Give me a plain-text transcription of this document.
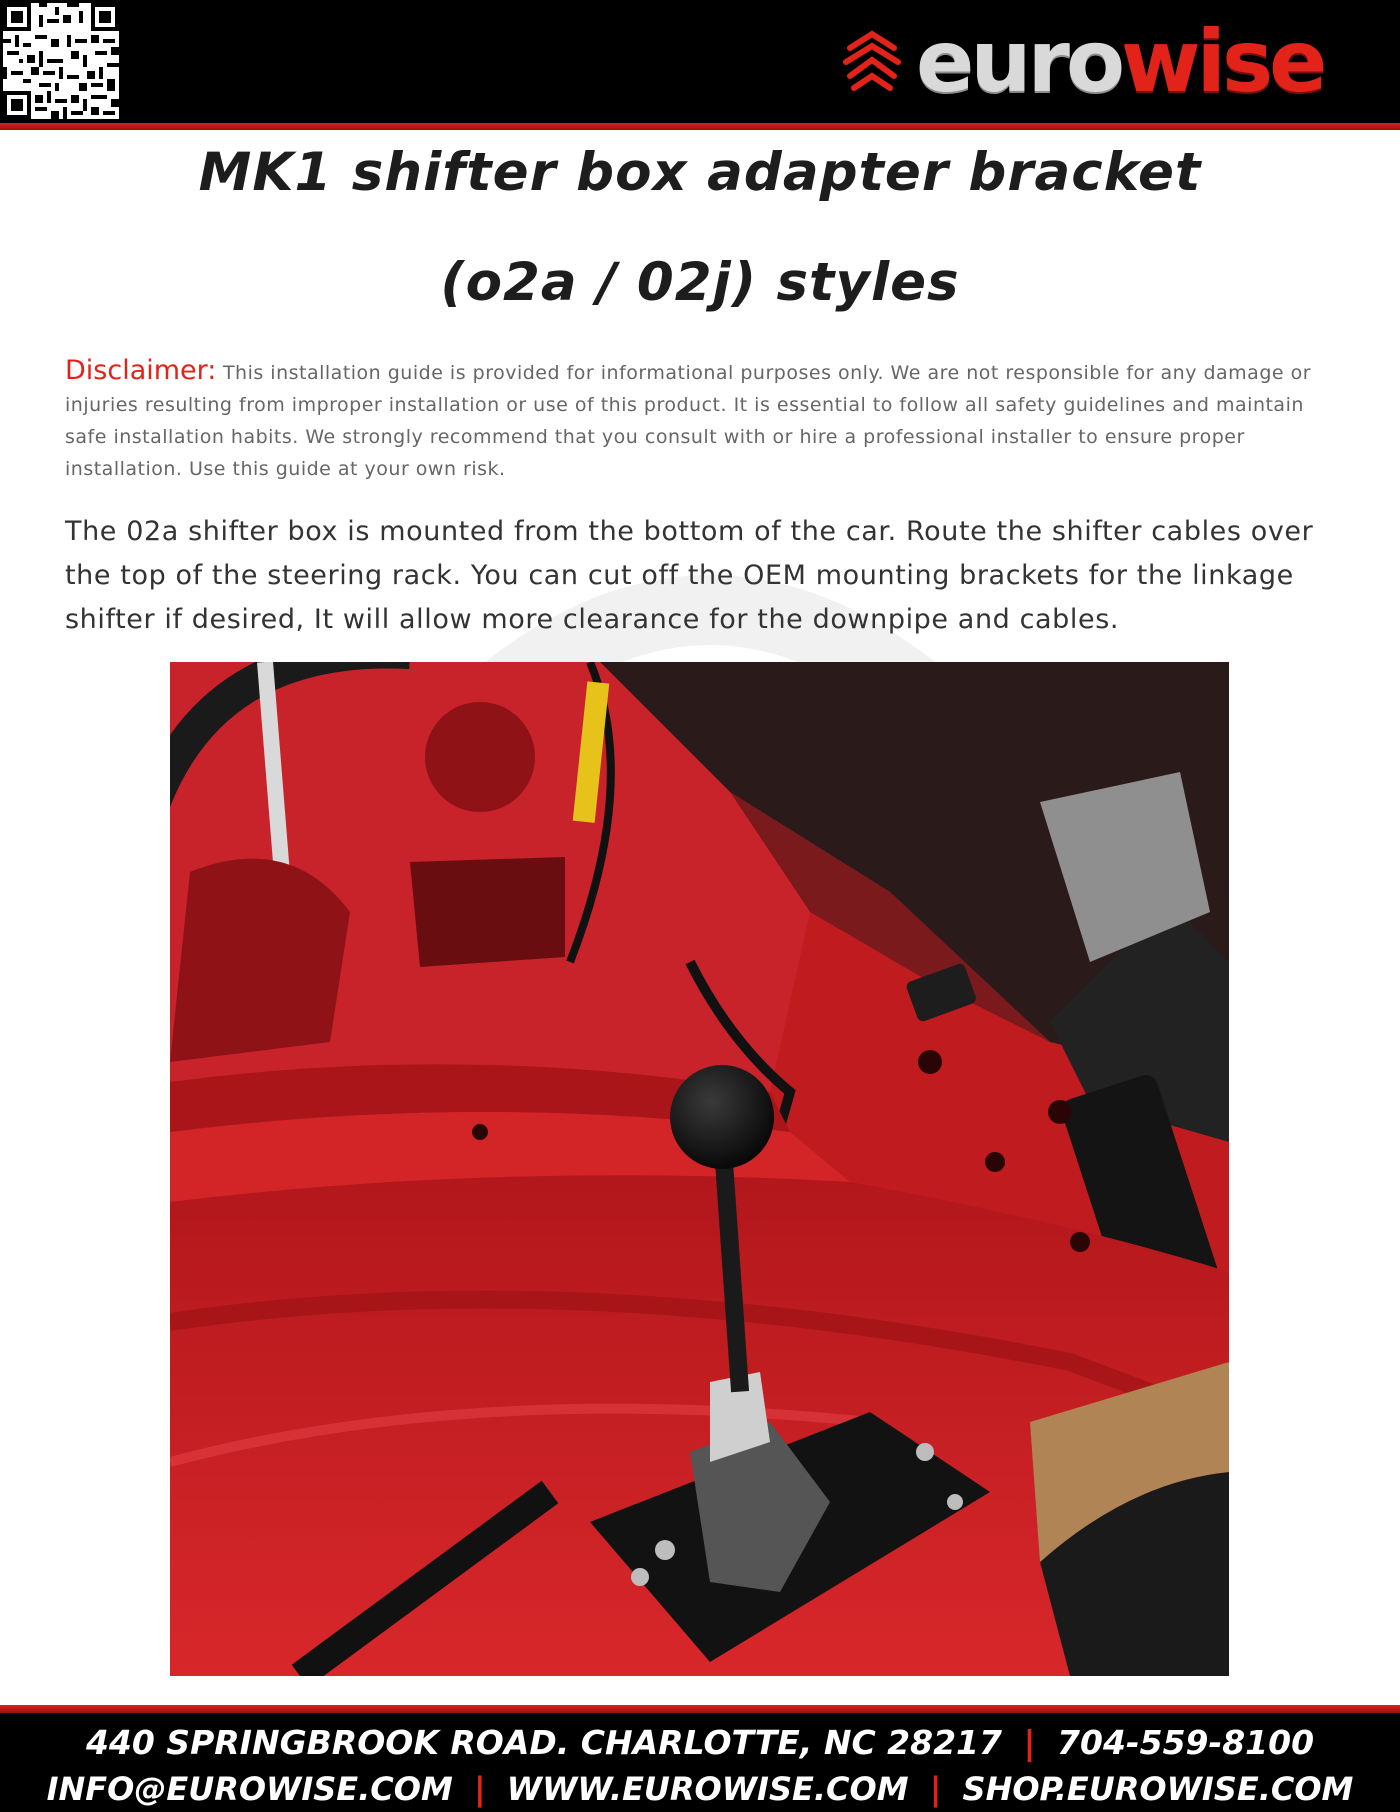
euro wise
MK1 shifter box adapter bracket
(o2a / 02j) styles
Disclaimer: This installation guide is provided for informational purposes only. We are not responsible for any damage or injuries resulting from improper installation or use of this product. It is essential to follow all safety guidelines and maintain safe installation habits. We strongly recommend that you consult with or hire a professional installer to ensure proper installation. Use this guide at your own risk.
The 02a shifter box is mounted from the bottom of the car. Route the shifter cables over the top of the steering rack. You can cut off the OEM mounting brackets for the linkage shifter if desired, It will allow more clearance for the downpipe and cables.
440 SPRINGBROOK ROAD. CHARLOTTE, NC 28217 | 704-559-8100
INFO@EUROWISE.COM | WWW.EUROWISE.COM | SHOP.EUROWISE.COM
